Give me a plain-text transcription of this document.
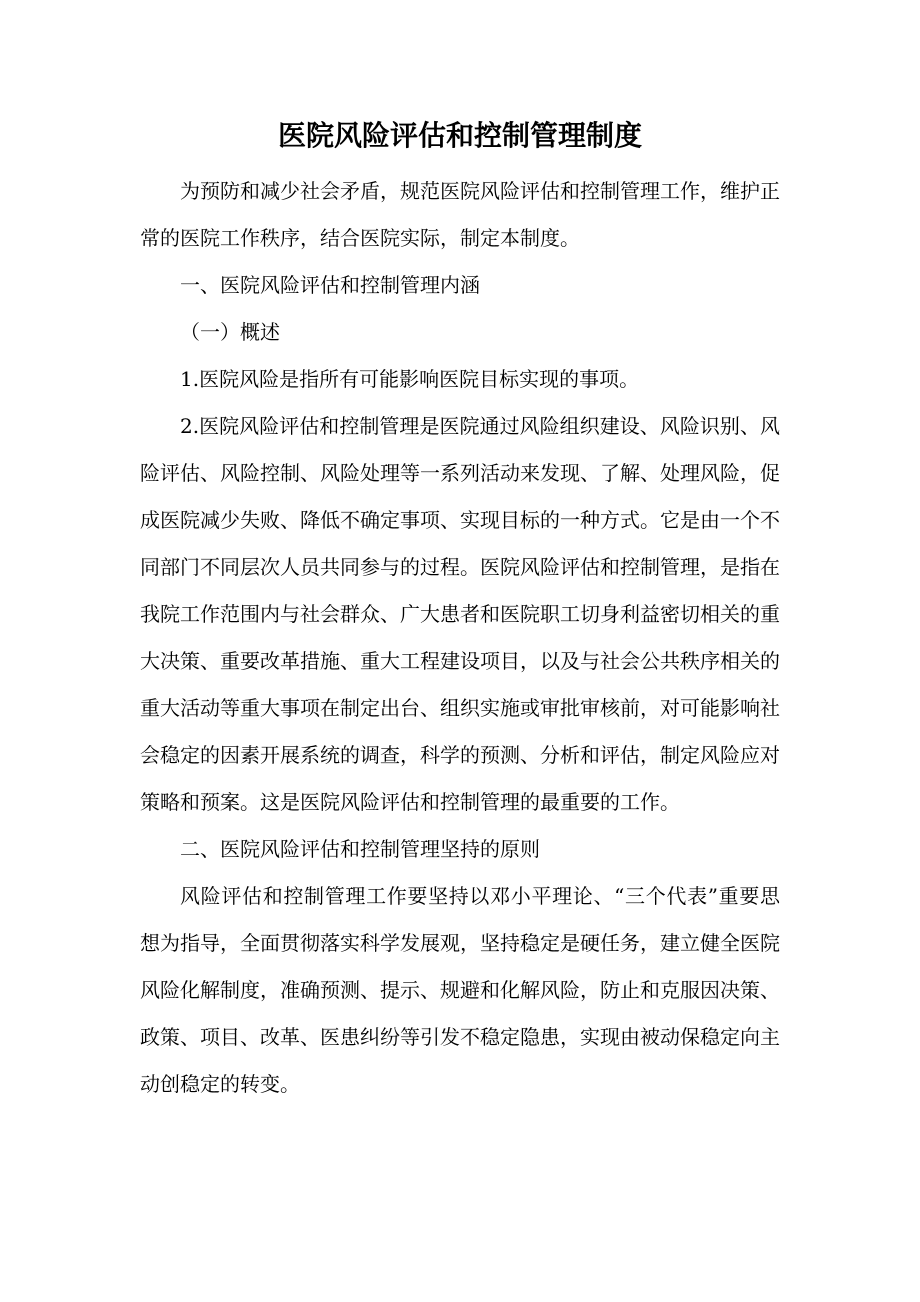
医院风险评估和控制管理制度

为预防和减少社会矛盾，规范医院风险评估和控制管理工作，维护正常的医院工作秩序，结合医院实际，制定本制度。

一、医院风险评估和控制管理内涵

（一）概述

1.医院风险是指所有可能影响医院目标实现的事项。

2.医院风险评估和控制管理是医院通过风险组织建设、风险识别、风险评估、风险控制、风险处理等一系列活动来发现、了解、处理风险，促成医院减少失败、降低不确定事项、实现目标的一种方式。它是由一个不同部门不同层次人员共同参与的过程。医院风险评估和控制管理，是指在我院工作范围内与社会群众、广大患者和医院职工切身利益密切相关的重大决策、重要改革措施、重大工程建设项目，以及与社会公共秩序相关的重大活动等重大事项在制定出台、组织实施或审批审核前，对可能影响社会稳定的因素开展系统的调查，科学的预测、分析和评估，制定风险应对策略和预案。这是医院风险评估和控制管理的最重要的工作。

二、医院风险评估和控制管理坚持的原则

风险评估和控制管理工作要坚持以邓小平理论、“三个代表”重要思想为指导，全面贯彻落实科学发展观，坚持稳定是硬任务，建立健全医院风险化解制度，准确预测、提示、规避和化解风险，防止和克服因决策、政策、项目、改革、医患纠纷等引发不稳定隐患，实现由被动保稳定向主动创稳定的转变。
